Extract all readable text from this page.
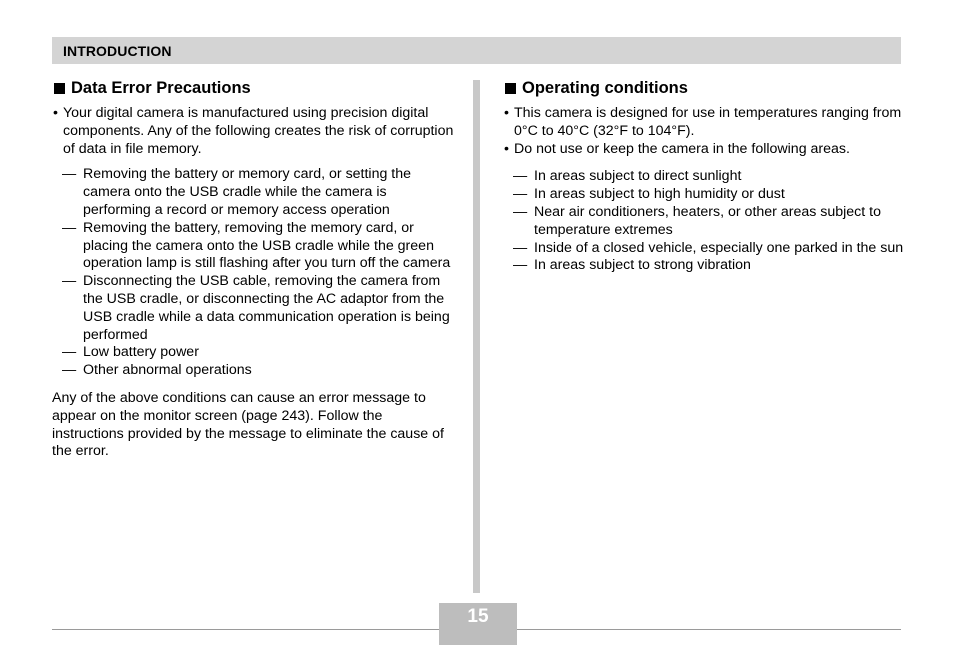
INTRODUCTION
Data Error Precautions
• Your digital camera is manufactured using precision digital components. Any of the following creates the risk of corruption of data in file memory.
— Removing the battery or memory card, or setting the camera onto the USB cradle while the camera is performing a record or memory access operation
— Removing the battery, removing the memory card, or placing the camera onto the USB cradle while the green operation lamp is still flashing after you turn off the camera
— Disconnecting the USB cable, removing the camera from the USB cradle, or disconnecting the AC adaptor from the USB cradle while a data communication operation is being performed
— Low battery power
— Other abnormal operations
Any of the above conditions can cause an error message to appear on the monitor screen (page 243). Follow the instructions provided by the message to eliminate the cause of the error.
Operating conditions
• This camera is designed for use in temperatures ranging from 0°C to 40°C (32°F to 104°F).
• Do not use or keep the camera in the following areas.
— In areas subject to direct sunlight
— In areas subject to high humidity or dust
— Near air conditioners, heaters, or other areas subject to temperature extremes
— Inside of a closed vehicle, especially one parked in the sun
— In areas subject to strong vibration
15
